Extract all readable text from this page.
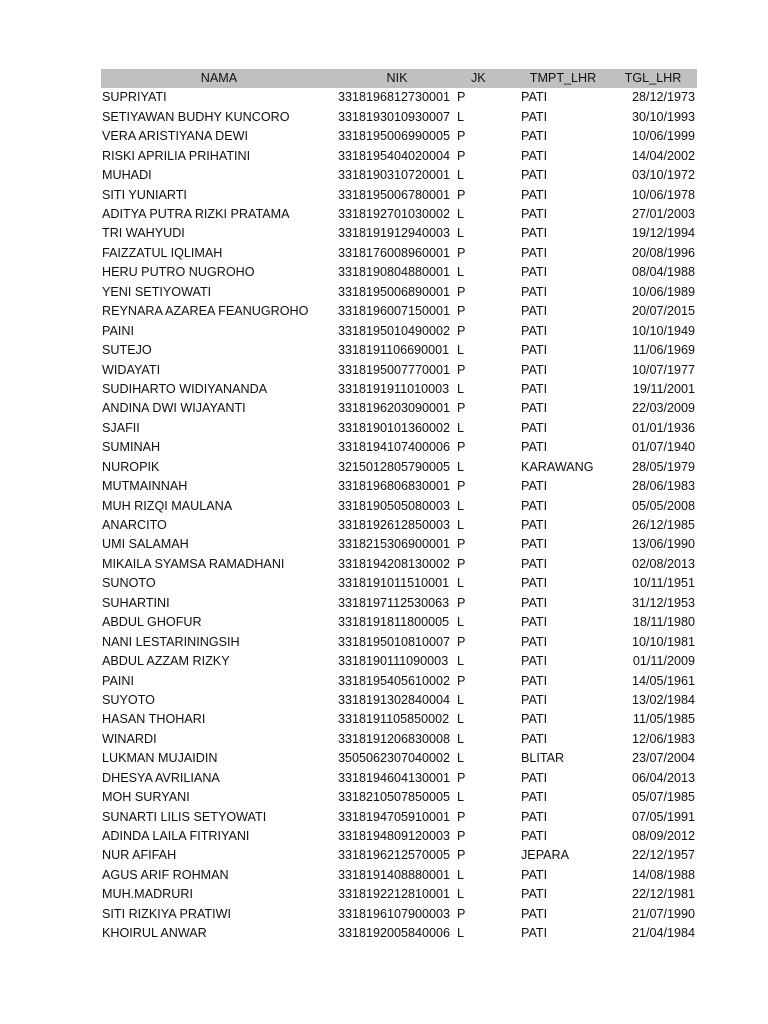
NAMA	NIK	JK	TMPT_LHR	TGL_LHR
SUPRIYATI	3318196812730001	P	PATI	28/12/1973
SETIYAWAN BUDHY KUNCORO	3318193010930007	L	PATI	30/10/1993
VERA ARISTIYANA DEWI	3318195006990005	P	PATI	10/06/1999
RISKI APRILIA PRIHATINI	3318195404020004	P	PATI	14/04/2002
MUHADI	3318190310720001	L	PATI	03/10/1972
SITI YUNIARTI	3318195006780001	P	PATI	10/06/1978
ADITYA PUTRA RIZKI PRATAMA	3318192701030002	L	PATI	27/01/2003
TRI WAHYUDI	3318191912940003	L	PATI	19/12/1994
FAIZZATUL IQLIMAH	3318176008960001	P	PATI	20/08/1996
HERU PUTRO NUGROHO	3318190804880001	L	PATI	08/04/1988
YENI SETIYOWATI	3318195006890001	P	PATI	10/06/1989
REYNARA AZAREA FEANUGROHO	3318196007150001	P	PATI	20/07/2015
PAINI	3318195010490002	P	PATI	10/10/1949
SUTEJO	3318191106690001	L	PATI	11/06/1969
WIDAYATI	3318195007770001	P	PATI	10/07/1977
SUDIHARTO WIDIYANANDA	3318191911010003	L	PATI	19/11/2001
ANDINA DWI WIJAYANTI	3318196203090001	P	PATI	22/03/2009
SJAFII	3318190101360002	L	PATI	01/01/1936
SUMINAH	3318194107400006	P	PATI	01/07/1940
NUROPIK	3215012805790005	L	KARAWANG	28/05/1979
MUTMAINNAH	3318196806830001	P	PATI	28/06/1983
MUH RIZQI MAULANA	3318190505080003	L	PATI	05/05/2008
ANARCITO	3318192612850003	L	PATI	26/12/1985
UMI SALAMAH	3318215306900001	P	PATI	13/06/1990
MIKAILA SYAMSA RAMADHANI	3318194208130002	P	PATI	02/08/2013
SUNOTO	3318191011510001	L	PATI	10/11/1951
SUHARTINI	3318197112530063	P	PATI	31/12/1953
ABDUL GHOFUR	3318191811800005	L	PATI	18/11/1980
NANI LESTARININGSIH	3318195010810007	P	PATI	10/10/1981
ABDUL AZZAM RIZKY	3318190111090003	L	PATI	01/11/2009
PAINI	3318195405610002	P	PATI	14/05/1961
SUYOTO	3318191302840004	L	PATI	13/02/1984
HASAN THOHARI	3318191105850002	L	PATI	11/05/1985
WINARDI	3318191206830008	L	PATI	12/06/1983
LUKMAN MUJAIDIN	3505062307040002	L	BLITAR	23/07/2004
DHESYA AVRILIANA	3318194604130001	P	PATI	06/04/2013
MOH SURYANI	3318210507850005	L	PATI	05/07/1985
SUNARTI LILIS SETYOWATI	3318194705910001	P	PATI	07/05/1991
ADINDA LAILA FITRIYANI	3318194809120003	P	PATI	08/09/2012
NUR AFIFAH	3318196212570005	P	JEPARA	22/12/1957
AGUS ARIF ROHMAN	3318191408880001	L	PATI	14/08/1988
MUH.MADRURI	3318192212810001	L	PATI	22/12/1981
SITI RIZKIYA PRATIWI	3318196107900003	P	PATI	21/07/1990
KHOIRUL ANWAR	3318192005840006	L	PATI	21/04/1984
